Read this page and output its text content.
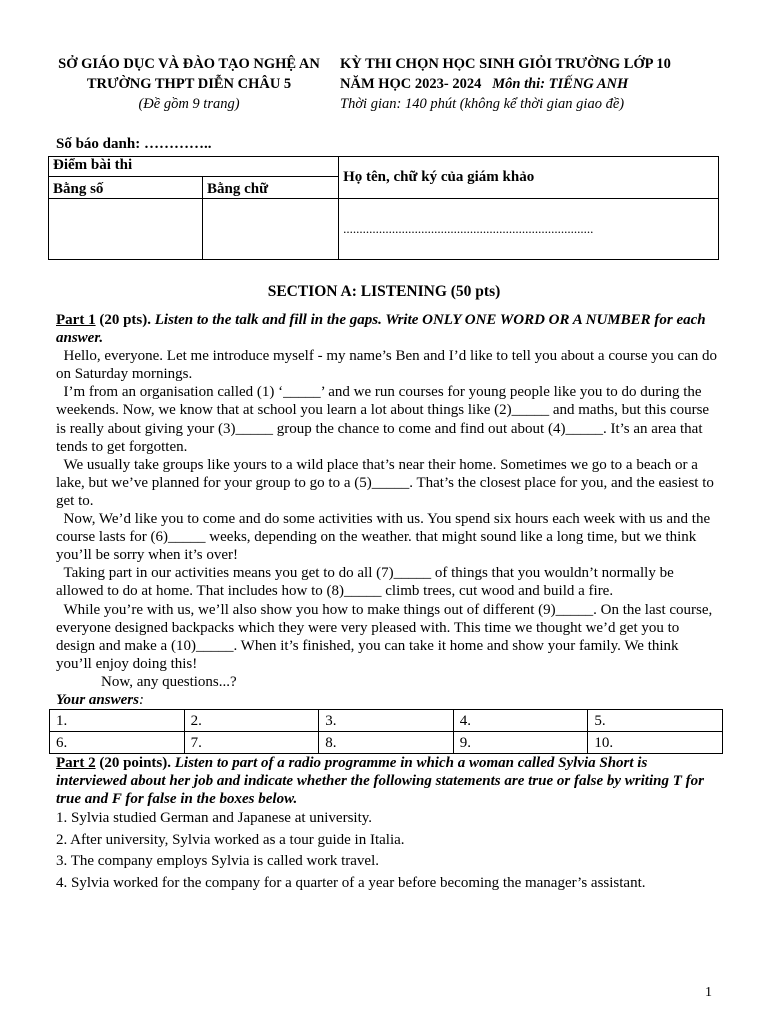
SỞ GIÁO DỤC VÀ ĐÀO TẠO NGHỆ AN
TRƯỜNG THPT DIỄN CHÂU 5
(Đề gồm 9 trang)
KỲ THI CHỌN HỌC SINH GIỎI TRƯỜNG LỚP 10
NĂM HỌC 2023- 2024 Môn thi: TIẾNG ANH
Thời gian: 140 phút (không kể thời gian giao đề)
Số báo danh: …………..
Điểm bài thi		Họ tên, chữ ký của giám khảo
Bằng số	Bằng chữ	
		.............................................................................
SECTION A: LISTENING (50 pts)

Part 1 (20 pts). Listen to the talk and fill in the gaps. Write ONLY ONE WORD OR A NUMBER for each answer.

Hello, everyone. Let me introduce myself - my name’s Ben and I’d like to tell you about a course you can do on Saturday mornings.

I’m from an organisation called (1) ‘_____’ and we run courses for young people like you to do during the weekends. Now, we know that at school you learn a lot about things like (2)_____ and maths, but this course is really about giving your (3)_____ group the chance to come and find out about (4)_____. It’s an area that tends to get forgotten.

We usually take groups like yours to a wild place that’s near their home. Sometimes we go to a beach or a lake, but we’ve planned for your group to go to a (5)_____. That’s the closest place for you, and the easiest to get to.

Now, We’d like you to come and do some activities with us. You spend six hours each week with us and the course lasts for (6)_____ weeks, depending on the weather. that might sound like a long time, but we think you’ll be sorry when it’s over!

Taking part in our activities means you get to do all (7)_____ of things that you wouldn’t normally be allowed to do at home. That includes how to (8)_____ climb trees, cut wood and build a fire.

While you’re with us, we’ll also show you how to make things out of different (9)_____. On the last course, everyone designed backpacks which they were very pleased with. This time we thought we’d get you to design and make a (10)_____. When it’s finished, you can take it home and show your family. We think you’ll enjoy doing this!

Now, any questions...?

Your answers:

1.	2.	3.	4.	5.
6.	7.	8.	9.	10.

Part 2 (20 points). Listen to part of a radio programme in which a woman called Sylvia Short is interviewed about her job and indicate whether the following statements are true or false by writing T for true and F for false in the boxes below.

1. Sylvia studied German and Japanese at university.

2. After university, Sylvia worked as a tour guide in Italia.

3. The company employs Sylvia is called work travel.

4. Sylvia worked for the company for a quarter of a year before becoming the manager’s assistant.

1
